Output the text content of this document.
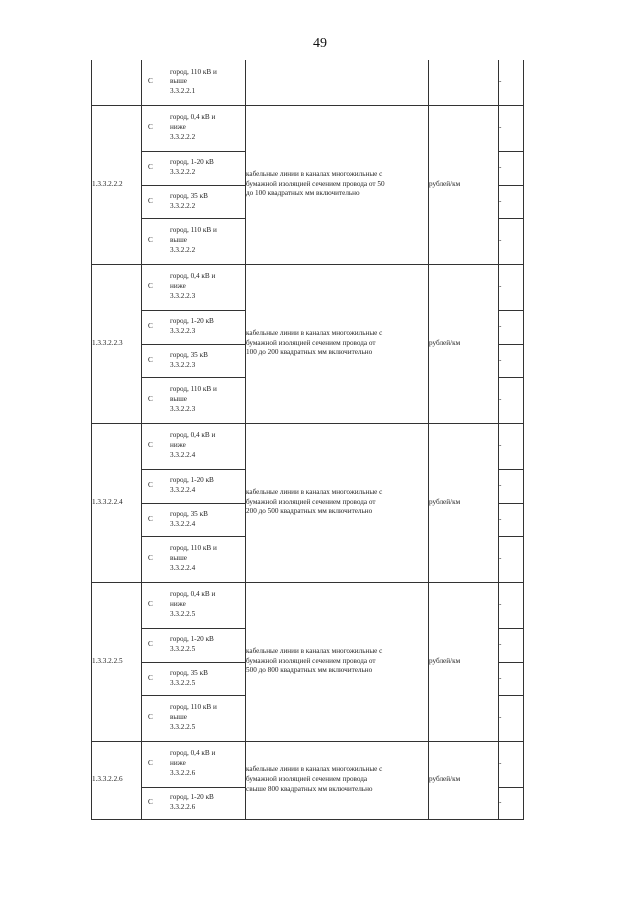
49

	С
город, 110 кВ и
выше
3.3.2.2.1			-
1.3.3.2.2.2	С
город, 0,4 кВ и
ниже
3.3.2.2.2	кабельные линии в каналах многожильные с
бумажной изоляцией сечением провода от 50
до 100 квадратных мм включительно	рублей/км	-

	С
город, 1-20 кВ
3.3.2.2.2			-

	С
город, 35 кВ
3.3.2.2.2			-

	С
город, 110 кВ и
выше
3.3.2.2.2			-
1.3.3.2.2.3	С
город, 0,4 кВ и
ниже
3.3.2.2.3	кабельные линии в каналах многожильные с
бумажной изоляцией сечением провода от
100 до 200 квадратных мм включительно	рублей/км	-

	С
город, 1-20 кВ
3.3.2.2.3			-

	С
город, 35 кВ
3.3.2.2.3			-

	С
город, 110 кВ и
выше
3.3.2.2.3			-
1.3.3.2.2.4	С
город, 0,4 кВ и
ниже
3.3.2.2.4	кабельные линии в каналах многожильные с
бумажной изоляцией сечением провода от
200 до 500 квадратных мм включительно	рублей/км	-

	С
город, 1-20 кВ
3.3.2.2.4			-

	С
город, 35 кВ
3.3.2.2.4			-

	С
город, 110 кВ и
выше
3.3.2.2.4			-
1.3.3.2.2.5	С
город, 0,4 кВ и
ниже
3.3.2.2.5	кабельные линии в каналах многожильные с
бумажной изоляцией сечением провода от
500 до 800 квадратных мм включительно	рублей/км	-

	С
город, 1-20 кВ
3.3.2.2.5			-

	С
город, 35 кВ
3.3.2.2.5			-

	С
город, 110 кВ и
выше
3.3.2.2.5			-
1.3.3.2.2.6	С
город, 0,4 кВ и
ниже
3.3.2.2.6	кабельные линии в каналах многожильные с
бумажной изоляцией сечением провода
свыше 800 квадратных мм включительно	рублей/км	-

	С
город, 1-20 кВ
3.3.2.2.6			-
